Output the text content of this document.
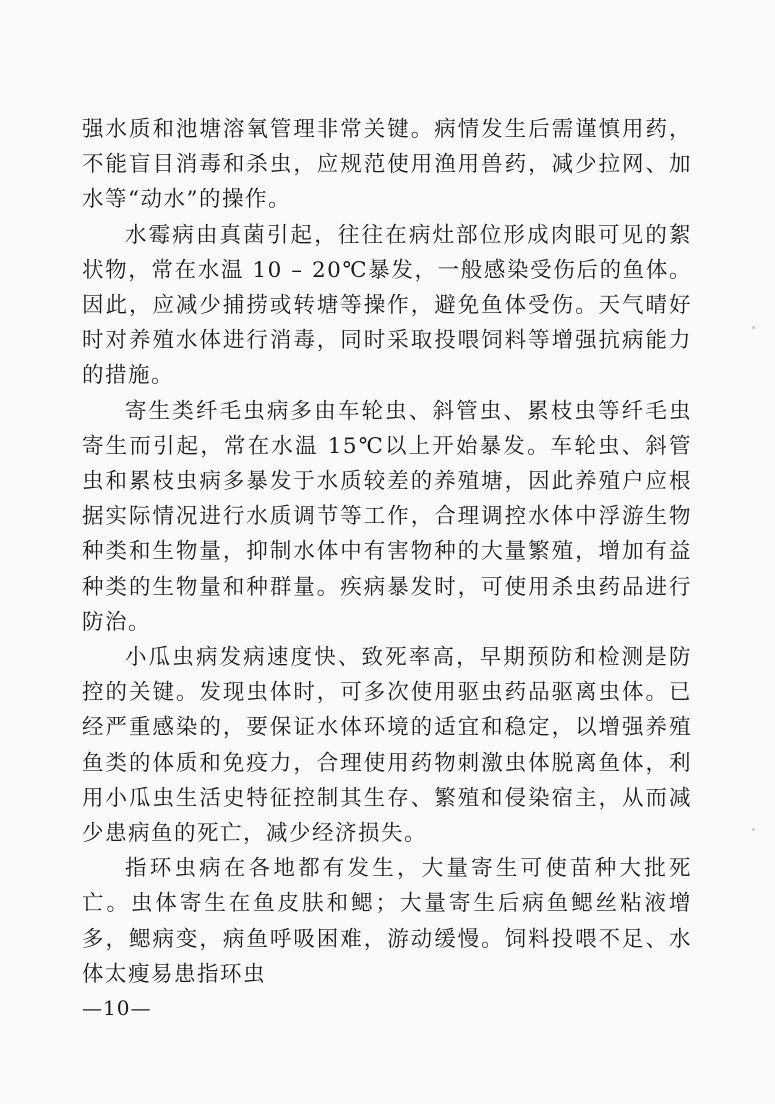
强水质和池塘溶氧管理非常关键。病情发生后需谨慎用药，不能盲目消毒和杀虫，应规范使用渔用兽药，减少拉网、加水等“动水”的操作。

水霉病由真菌引起，往往在病灶部位形成肉眼可见的絮状物，常在水温 10 – 20℃暴发，一般感染受伤后的鱼体。因此，应减少捕捞或转塘等操作，避免鱼体受伤。天气晴好时对养殖水体进行消毒，同时采取投喂饲料等增强抗病能力的措施。

寄生类纤毛虫病多由车轮虫、斜管虫、累枝虫等纤毛虫寄生而引起，常在水温 15℃以上开始暴发。车轮虫、斜管虫和累枝虫病多暴发于水质较差的养殖塘，因此养殖户应根据实际情况进行水质调节等工作，合理调控水体中浮游生物种类和生物量，抑制水体中有害物种的大量繁殖，增加有益种类的生物量和种群量。疾病暴发时，可使用杀虫药品进行防治。

小瓜虫病发病速度快、致死率高，早期预防和检测是防控的关键。发现虫体时，可多次使用驱虫药品驱离虫体。已经严重感染的，要保证水体环境的适宜和稳定，以增强养殖鱼类的体质和免疫力，合理使用药物刺激虫体脱离鱼体，利用小瓜虫生活史特征控制其生存、繁殖和侵染宿主，从而减少患病鱼的死亡，减少经济损失。

指环虫病在各地都有发生，大量寄生可使苗种大批死亡。虫体寄生在鱼皮肤和鳃；大量寄生后病鱼鳃丝粘液增多，鳃病变，病鱼呼吸困难，游动缓慢。饲料投喂不足、水体太瘦易患指环虫

—10—
